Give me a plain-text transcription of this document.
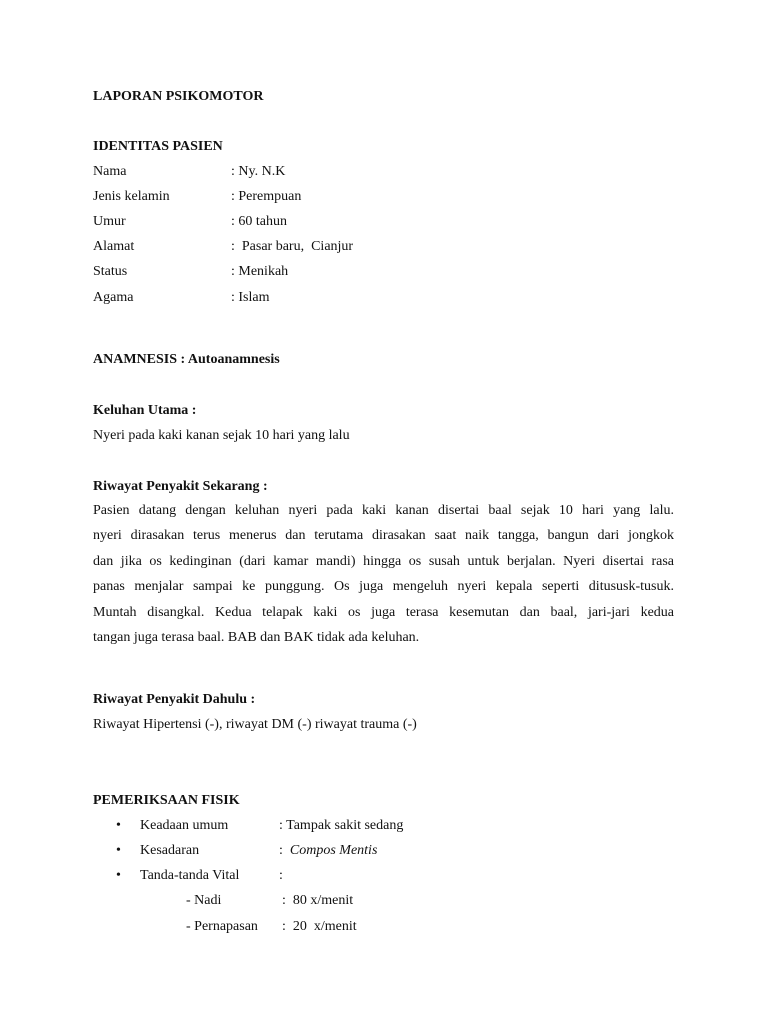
LAPORAN PSIKOMOTOR
IDENTITAS PASIEN
Nama	: Ny. N.K
Jenis kelamin	: Perempuan
Umur	: 60 tahun
Alamat	:  Pasar baru,  Cianjur
Status	: Menikah
Agama	: Islam
ANAMNESIS : Autoanamnesis
Keluhan Utama :
Nyeri pada kaki kanan sejak 10 hari yang lalu
Riwayat Penyakit Sekarang :
Pasien datang dengan keluhan nyeri pada kaki kanan disertai baal sejak 10 hari yang lalu.
nyeri dirasakan terus menerus dan terutama dirasakan saat naik tangga, bangun dari jongkok
dan jika os kedinginan (dari kamar mandi) hingga os susah untuk berjalan. Nyeri disertai rasa
panas menjalar sampai ke punggung. Os juga mengeluh nyeri kepala seperti ditususk-tusuk.
Muntah disangkal. Kedua telapak kaki os juga terasa kesemutan dan baal, jari-jari kedua
tangan juga terasa baal. BAB dan BAK tidak ada keluhan.
Riwayat Penyakit Dahulu :
Riwayat Hipertensi (-), riwayat DM (-) riwayat trauma (-)
PEMERIKSAAN FISIK
• Keadaan umum	: Tampak sakit sedang
• Kesadaran	:  Compos Mentis
• Tanda-tanda Vital	:
- Nadi	:  80 x/menit
- Pernapasan :  20  x/menit
